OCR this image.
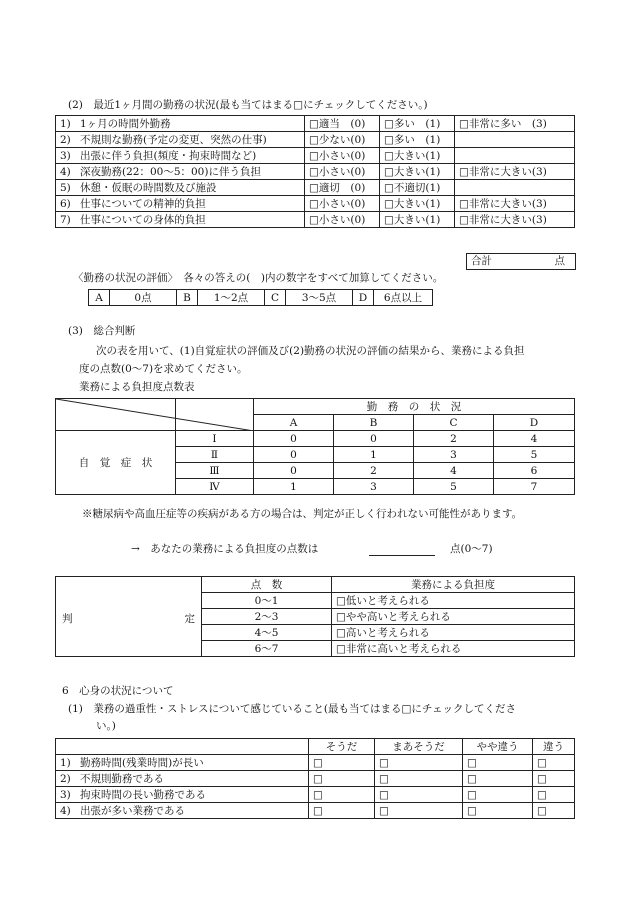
(2)　最近1ヶ月間の勤務の状況(最も当てはまる□にチェックしてください。)
1) 1ヶ月の時間外勤務	□適当　(0)	□多い　(1)	□非常に多い　(3)
2) 不規則な勤務(予定の変更、突然の仕事)	□少ない(0)	□多い　(1)	
3) 出張に伴う負担(頻度・拘束時間など)	□小さい(0)	□大きい(1)	
4) 深夜勤務(22：00〜5：00)に伴う負担	□小さい(0)	□大きい(1)	□非常に大きい(3)
5) 休憩・仮眠の時間数及び施設	□適切　(0)	□不適切(1)	
6) 仕事についての精神的負担	□小さい(0)	□大きい(1)	□非常に大きい(3)
7) 仕事についての身体的負担	□小さい(0)	□大きい(1)	□非常に大きい(3)
合計	点
〈勤務の状況の評価〉　各々の答えの(　)内の数字をすべて加算してください。
A	0点	B	1〜2点	C	3〜5点	D	6点以上
(3)　総合判断
次の表を用いて、(1)自覚症状の評価及び(2)勤務の状況の評価の結果から、業務による負担
度の点数(0〜7)を求めてください。
業務による負担度点数表
		勤　務　の　状　況			
		A	B	C	D
自　覚　症　状	Ⅰ	0	0	2	4
	Ⅱ	0	1	3	5
	Ⅲ	0	2	4	6
	Ⅳ	1	3	5	7
※糖尿病や高血圧症等の疾病がある方の場合は、判定が正しく行われない可能性があります。
→　あなたの業務による負担度の点数は	点(0〜7)
判 定	点　数	業務による負担度
	0〜1	□低いと考えられる
	2〜3	□やや高いと考えられる
	4〜5	□高いと考えられる
	6〜7	□非常に高いと考えられる
6　心身の状況について
(1)　業務の過重性・ストレスについて感じていること(最も当てはまる□にチェックしてくださ
い。)
	そうだ	まあそうだ	やや違う	違う
1) 勤務時間(残業時間)が長い	□	□	□	□
2) 不規則勤務である	□	□	□	□
3) 拘束時間の長い勤務である	□	□	□	□
4) 出張が多い業務である	□	□	□	□
